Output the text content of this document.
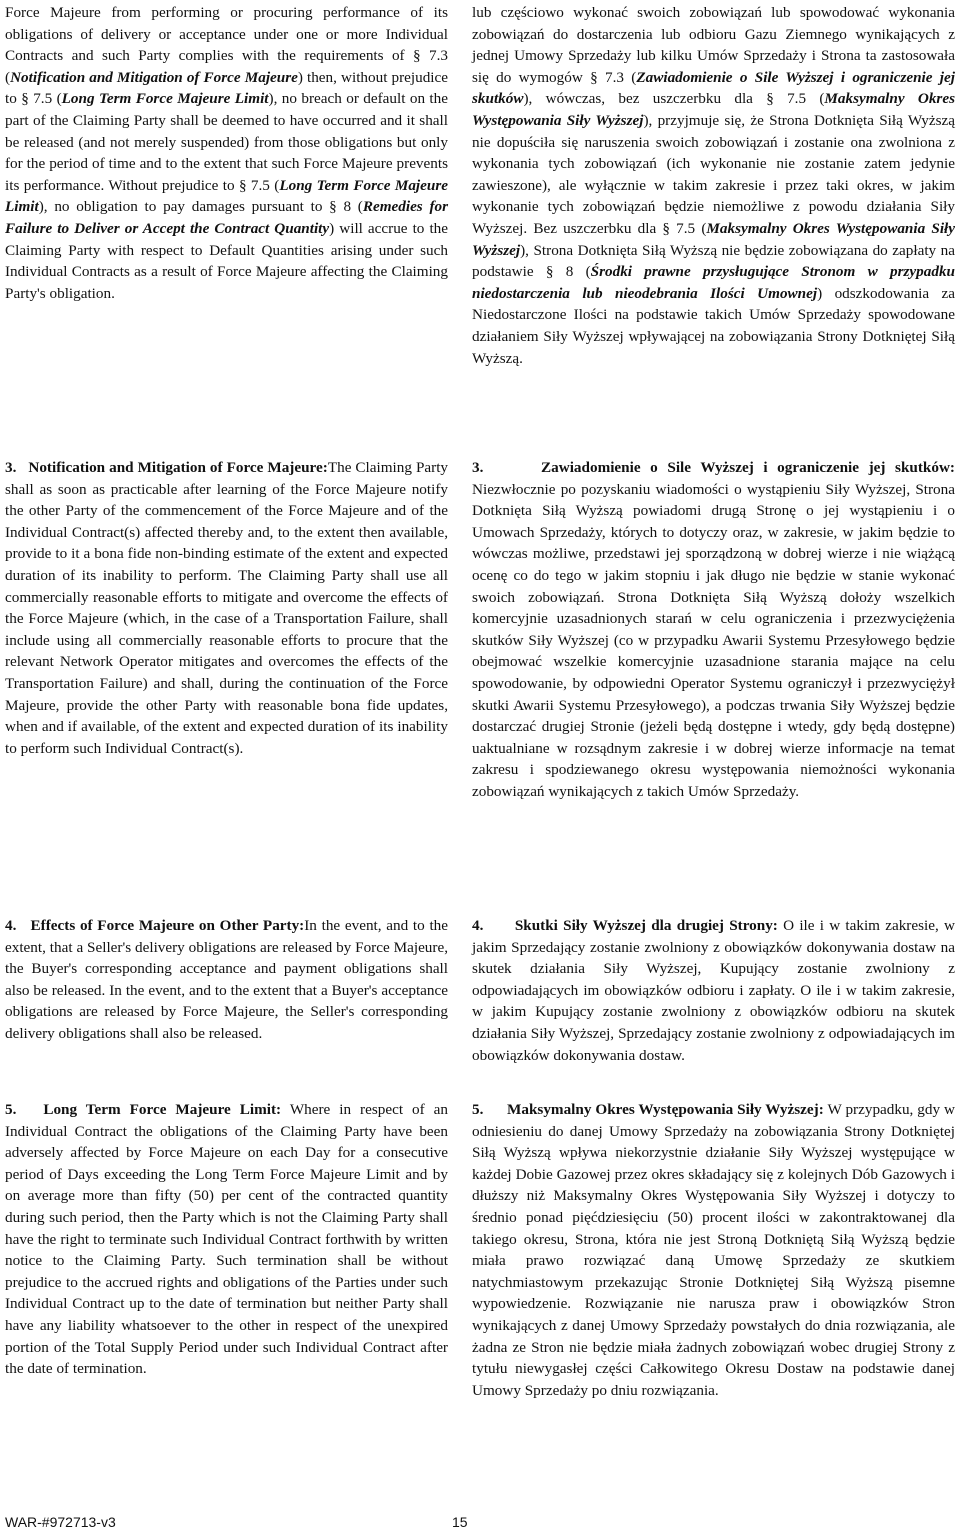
Force Majeure from performing or procuring performance of its obligations of delivery or acceptance under one or more Individual Contracts and such Party complies with the requirements of § 7.3 (Notification and Mitigation of Force Majeure) then, without prejudice to § 7.5 (Long Term Force Majeure Limit), no breach or default on the part of the Claiming Party shall be deemed to have occurred and it shall be released (and not merely suspended) from those obligations but only for the period of time and to the extent that such Force Majeure prevents its performance. Without prejudice to § 7.5 (Long Term Force Majeure Limit), no obligation to pay damages pursuant to § 8 (Remedies for Failure to Deliver or Accept the Contract Quantity) will accrue to the Claiming Party with respect to Default Quantities arising under such Individual Contracts as a result of Force Majeure affecting the Claiming Party's obligation.

lub częściowo wykonać swoich zobowiązań lub spowodować wykonania zobowiązań do dostarczenia lub odbioru Gazu Ziemnego wynikających z jednej Umowy Sprzedaży lub kilku Umów Sprzedaży i Strona ta zastosowała się do wymogów § 7.3 (Zawiadomienie o Sile Wyższej i ograniczenie jej skutków), wówczas, bez uszczerbku dla § 7.5 (Maksymalny Okres Występowania Siły Wyższej), przyjmuje się, że Strona Dotknięta Siłą Wyższą nie dopuściła się naruszenia swoich zobowiązań i zostanie ona zwolniona z wykonania tych zobowiązań (ich wykonanie nie zostanie zatem jedynie zawieszone), ale wyłącznie w takim zakresie i przez taki okres, w jakim wykonanie tych zobowiązań będzie niemożliwe z powodu działania Siły Wyższej. Bez uszczerbku dla § 7.5 (Maksymalny Okres Występowania Siły Wyższej), Strona Dotknięta Siłą Wyższą nie będzie zobowiązana do zapłaty na podstawie § 8 (Środki prawne przysługujące Stronom w przypadku niedostarczenia lub nieodebrania Ilości Umownej) odszkodowania za Niedostarczone Ilości na podstawie takich Umów Sprzedaży spowodowane działaniem Siły Wyższej wpływającej na zobowiązania Strony Dotkniętej Siłą Wyższą.

3.   Notification and Mitigation of Force Majeure:The Claiming Party shall as soon as practicable after learning of the Force Majeure notify the other Party of the commencement of the Force Majeure and of the Individual Contract(s) affected thereby and, to the extent then available, provide to it a bona fide non-binding estimate of the extent and expected duration of its inability to perform. The Claiming Party shall use all commercially reasonable efforts to mitigate and overcome the effects of the Force Majeure (which, in the case of a Transportation Failure, shall include using all commercially reasonable efforts to procure that the relevant Network Operator mitigates and overcomes the effects of the Transportation Failure) and shall, during the continuation of the Force Majeure, provide the other Party with reasonable bona fide updates, when and if available, of the extent and expected duration of its inability to perform such Individual Contract(s).

3.      Zawiadomienie o Sile Wyższej i ograniczenie jej skutków: Niezwłocznie po pozyskaniu wiadomości o wystąpieniu Siły Wyższej, Strona Dotknięta Siłą Wyższą powiadomi drugą Stronę o jej wystąpieniu i o Umowach Sprzedaży, których to dotyczy oraz, w zakresie, w jakim będzie to wówczas możliwe, przedstawi jej sporządzoną w dobrej wierze i nie wiążącą ocenę co do tego w jakim stopniu i jak długo nie będzie w stanie wykonać swoich zobowiązań. Strona Dotknięta Siłą Wyższą dołoży wszelkich komercyjnie uzasadnionych starań w celu ograniczenia i przezwyciężenia skutków Siły Wyższej (co w przypadku Awarii Systemu Przesyłowego będzie obejmować wszelkie komercyjnie uzasadnione starania mające na celu spowodowanie, by odpowiedni Operator Systemu ograniczył i przezwyciężył skutki Awarii Systemu Przesyłowego), a podczas trwania Siły Wyższej będzie dostarczać drugiej Stronie (jeżeli będą dostępne i wtedy, gdy będą dostępne) uaktualniane w rozsądnym zakresie i w dobrej wierze informacje na temat zakresu i spodziewanego okresu występowania niemożności wykonania zobowiązań wynikających z takich Umów Sprzedaży.

4.   Effects of Force Majeure on Other Party:In the event, and to the extent, that a Seller's delivery obligations are released by Force Majeure, the Buyer's corresponding acceptance and payment obligations shall also be released. In the event, and to the extent that a Buyer's acceptance obligations are released by Force Majeure, the Seller's corresponding delivery obligations shall also be released.

4.      Skutki Siły Wyższej dla drugiej Strony: O ile i w takim zakresie, w jakim Sprzedający zostanie zwolniony z obowiązków dokonywania dostaw na skutek działania Siły Wyższej, Kupujący zostanie zwolniony z odpowiadających im obowiązków odbioru i zapłaty. O ile i w takim zakresie, w jakim Kupujący zostanie zwolniony z obowiązków odbioru na skutek działania Siły Wyższej, Sprzedający zostanie zwolniony z odpowiadających im obowiązków dokonywania dostaw.

5.   Long Term Force Majeure Limit: Where in respect of an Individual Contract the obligations of the Claiming Party have been adversely affected by Force Majeure on each Day for a consecutive period of Days exceeding the Long Term Force Majeure Limit and by on average more than fifty (50) per cent of the contracted quantity during such period, then the Party which is not the Claiming Party shall have the right to terminate such Individual Contract forthwith by written notice to the Claiming Party. Such termination shall be without prejudice to the accrued rights and obligations of the Parties under such Individual Contract up to the date of termination but neither Party shall have any liability whatsoever to the other in respect of the unexpired portion of the Total Supply Period under such Individual Contract after the date of termination.

5.      Maksymalny Okres Występowania Siły Wyższej: W przypadku, gdy w odniesieniu do danej Umowy Sprzedaży na zobowiązania Strony Dotkniętej Siłą Wyższą wpływa niekorzystnie działanie Siły Wyższej występujące w każdej Dobie Gazowej przez okres składający się z kolejnych Dób Gazowych i dłuższy niż Maksymalny Okres Występowania Siły Wyższej i dotyczy to średnio ponad pięćdziesięciu (50) procent ilości w zakontraktowanej dla takiego okresu, Strona, która nie jest Stroną Dotkniętą Siłą Wyższą będzie miała prawo rozwiązać daną Umowę Sprzedaży ze skutkiem natychmiastowym przekazując Stronie Dotkniętej Siłą Wyższą pisemne wypowiedzenie. Rozwiązanie nie narusza praw i obowiązków Stron wynikających z danej Umowy Sprzedaży powstałych do dnia rozwiązania, ale żadna ze Stron nie będzie miała żadnych zobowiązań wobec drugiej Strony z tytułu niewygasłej części Całkowitego Okresu Dostaw na podstawie danej Umowy Sprzedaży po dniu rozwiązania.

WAR-#972713-v3	15
